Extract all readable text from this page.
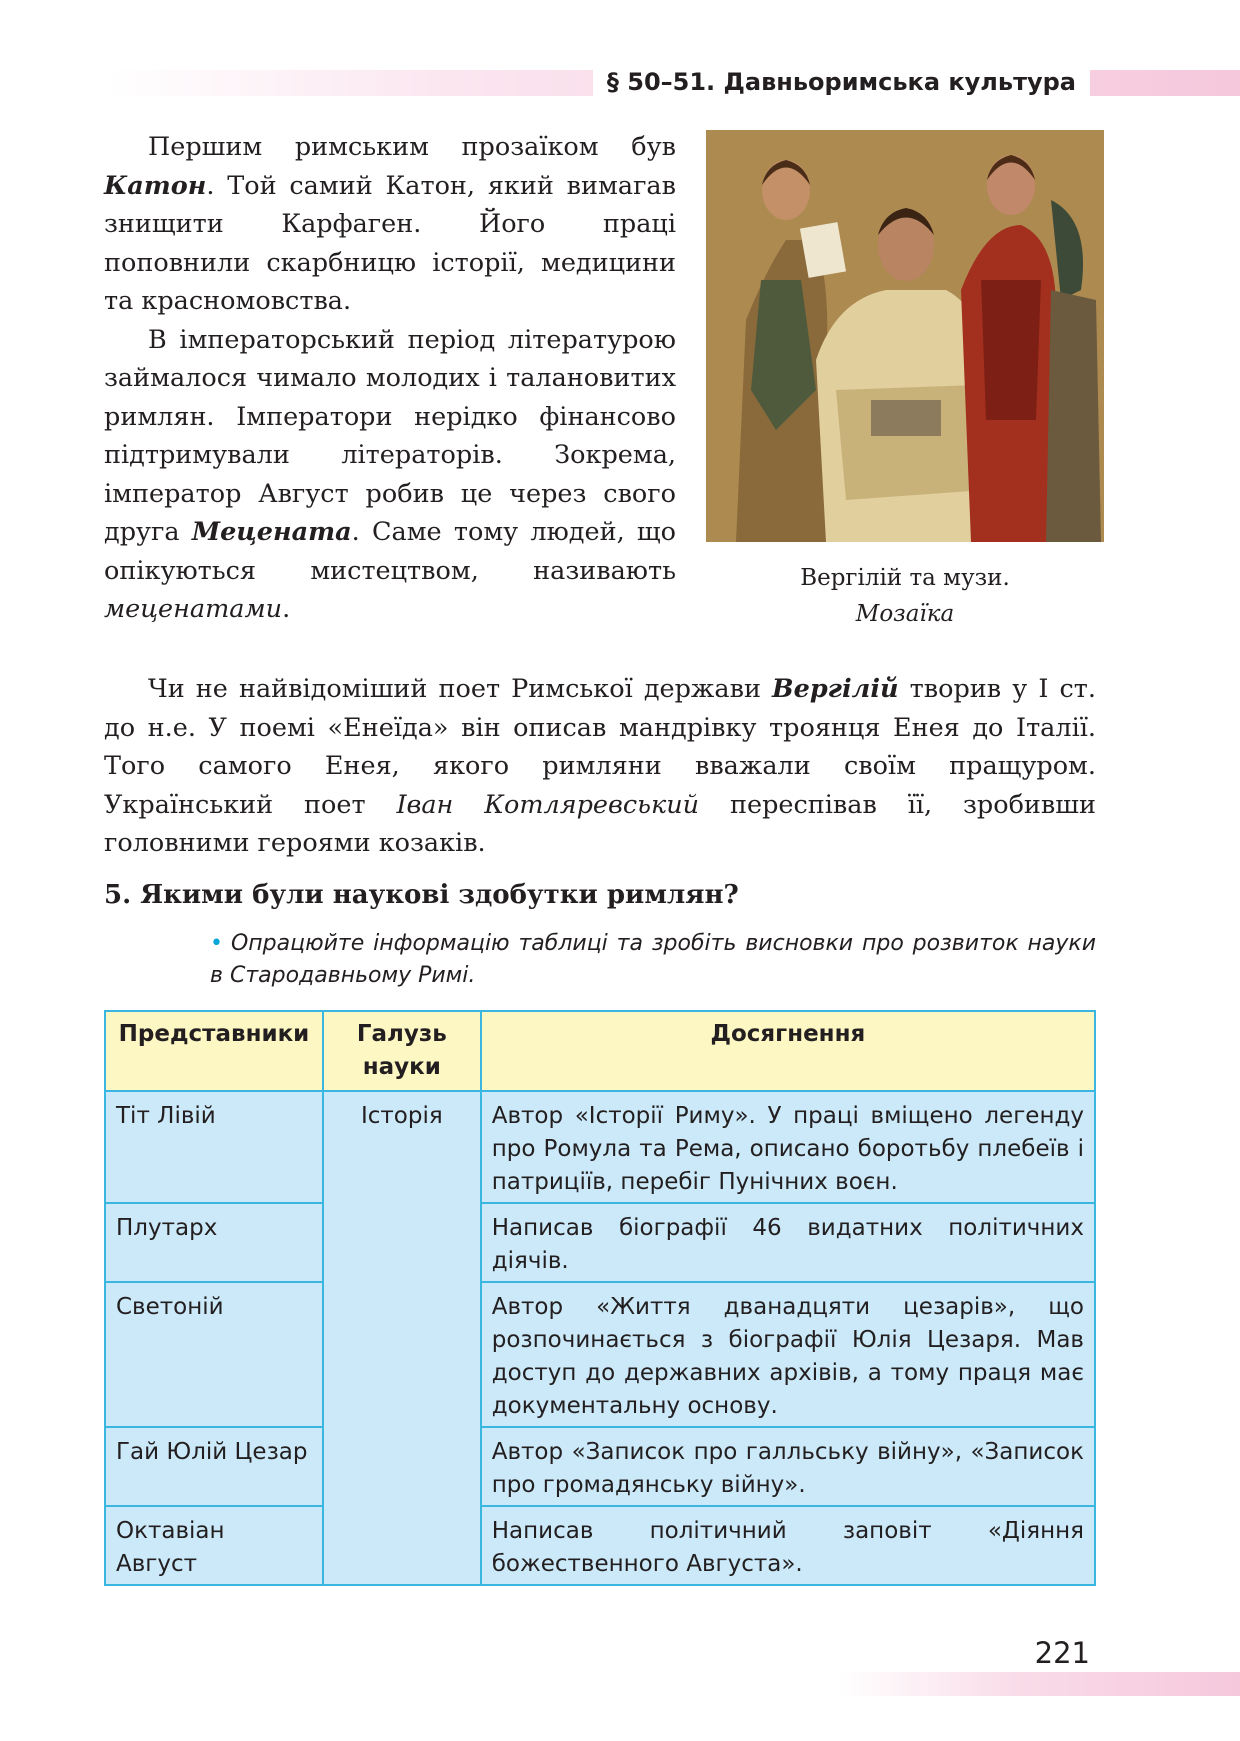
§ 50–51. Давньоримська культура

Першим римським прозаїком був Катон. Той самий Катон, який вимагав знищити Карфаген. Його праці поповнили скарбницю історії, медицини та красномовства.

В імператорський період літературою займалося чимало молодих і талановитих римлян. Імператори нерідко фінансово підтримували літераторів. Зокрема, імператор Август робив це через свого друга Мецената. Саме тому людей, що опікуються мистецтвом, називають меценатами.

Вергілій та музи.
Мозаїка

Чи не найвідоміший поет Римської держави Вергілій творив у І ст. до н.е. У поемі «Енеїда» він описав мандрівку троянця Енея до Італії. Того самого Енея, якого римляни вважали своїм пращуром. Український поет Іван Котляревський переспівав її, зробивши головними героями козаків.

5. Якими були наукові здобутки римлян?
• Опрацюйте інформацію таблиці та зробіть висновки про розвиток науки в Стародавньому Римі.
Представники	Галузь науки	Досягнення
Тіт Лівій	Історія	Автор «Історії Риму». У праці вміщено легенду про Ромула та Рема, описано боротьбу плебеїв і патриціїв, перебіг Пунічних воєн.
Плутарх		Написав біографії 46 видатних політичних діячів.
Светоній		Автор «Життя дванадцяти цезарів», що розпочинається з біографії Юлія Цезаря. Мав доступ до державних архівів, а тому праця має документальну основу.
Гай Юлій Цезар		Автор «Записок про галльську війну», «Записок про громадянську війну».
Октавіан Август		Написав політичний заповіт «Діяння божественного Августа».
221
